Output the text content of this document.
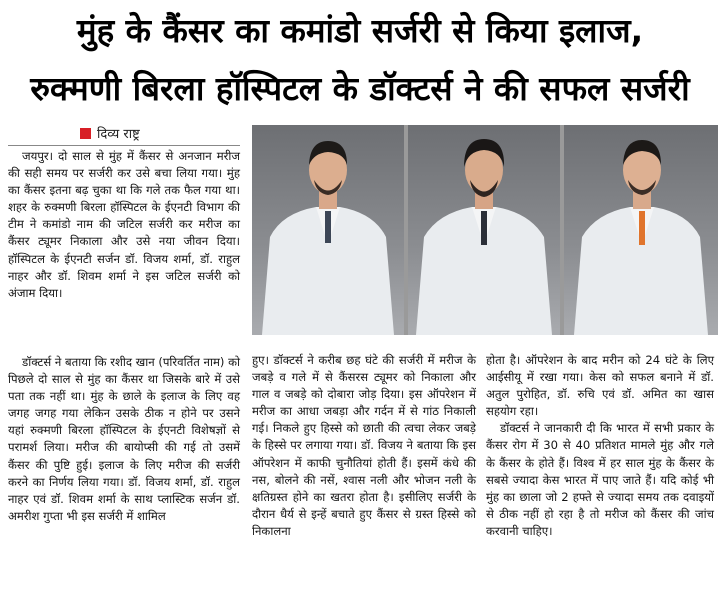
मुंह के कैंसर का कमांडो सर्जरी से किया इलाज,
रुक्मणी बिरला हॉस्पिटल के डॉक्टर्स ने की सफल सर्जरी
दिव्य राष्ट्र

जयपुर। दो साल से मुंह में कैंसर से अनजान मरीज की सही समय पर सर्जरी कर उसे बचा लिया गया। मुंह का कैंसर इतना बढ़ चुका था कि गले तक फैल गया था। शहर के रुक्मणी बिरला हॉस्पिटल के ईएनटी विभाग की टीम ने कमांडो नाम की जटिल सर्जरी कर मरीज का कैंसर ट्यूमर निकाला और उसे नया जीवन दिया। हॉस्पिटल के ईएनटी सर्जन डॉ. विजय शर्मा, डॉ. राहुल नाहर और डॉ. शिवम शर्मा ने इस जटिल सर्जरी को अंजाम दिया।

डॉक्टर्स ने बताया कि रशीद खान (परिवर्तित नाम) को पिछले दो साल से मुंह का कैंसर था जिसके बारे में उसे पता तक नहीं था। मुंह के छाले के इलाज के लिए वह जगह जगह गया लेकिन उसके ठीक न होने पर उसने यहां रुक्मणी बिरला हॉस्पिटल के ईएनटी विशेषज्ञों से परामर्श लिया। मरीज की बायोप्सी की गई तो उसमें कैंसर की पुष्टि हुई। इलाज के लिए मरीज की सर्जरी करने का निर्णय लिया गया। डॉ. विजय शर्मा, डॉ. राहुल नाहर एवं डॉ. शिवम शर्मा के साथ प्लास्टिक सर्जन डॉ. अमरीश गुप्ता भी इस सर्जरी में शामिल

हुए। डॉक्टर्स ने करीब छह घंटे की सर्जरी में मरीज के जबड़े व गले में से कैंसरस ट्यूमर को निकाला और गाल व जबड़े को दोबारा जोड़ दिया। इस ऑपरेशन में मरीज का आधा जबड़ा और गर्दन में से गांठ निकाली गई। निकले हुए हिस्से को छाती की त्वचा लेकर जबड़े के हिस्से पर लगाया गया। डॉ. विजय ने बताया कि इस ऑपरेशन में काफी चुनौतियां होती हैं। इसमें कंधे की नस, बोलने की नसें, श्वास नली और भोजन नली के क्षतिग्रस्त होने का खतरा होता है। इसीलिए सर्जरी के दौरान धैर्य से इन्हें बचाते हुए कैंसर से ग्रस्त हिस्से को निकालना

होता है। ऑपरेशन के बाद मरीन को 24 घंटे के लिए आईसीयू में रखा गया। केस को सफल बनाने में डॉ. अतुल पुरोहित, डॉ. रुचि एवं डॉ. अमित का खास सहयोग रहा।

डॉक्टर्स ने जानकारी दी कि भारत में सभी प्रकार के कैंसर रोग में 30 से 40 प्रतिशत मामले मुंह और गले के कैंसर के होते हैं। विश्व में हर साल मुंह के कैंसर के सबसे ज्यादा केस भारत में पाए जाते हैं। यदि कोई भी मुंह का छाला जो 2 हफ्ते से ज्यादा समय तक दवाइयों से ठीक नहीं हो रहा है तो मरीज को कैंसर की जांच करवानी चाहिए।
